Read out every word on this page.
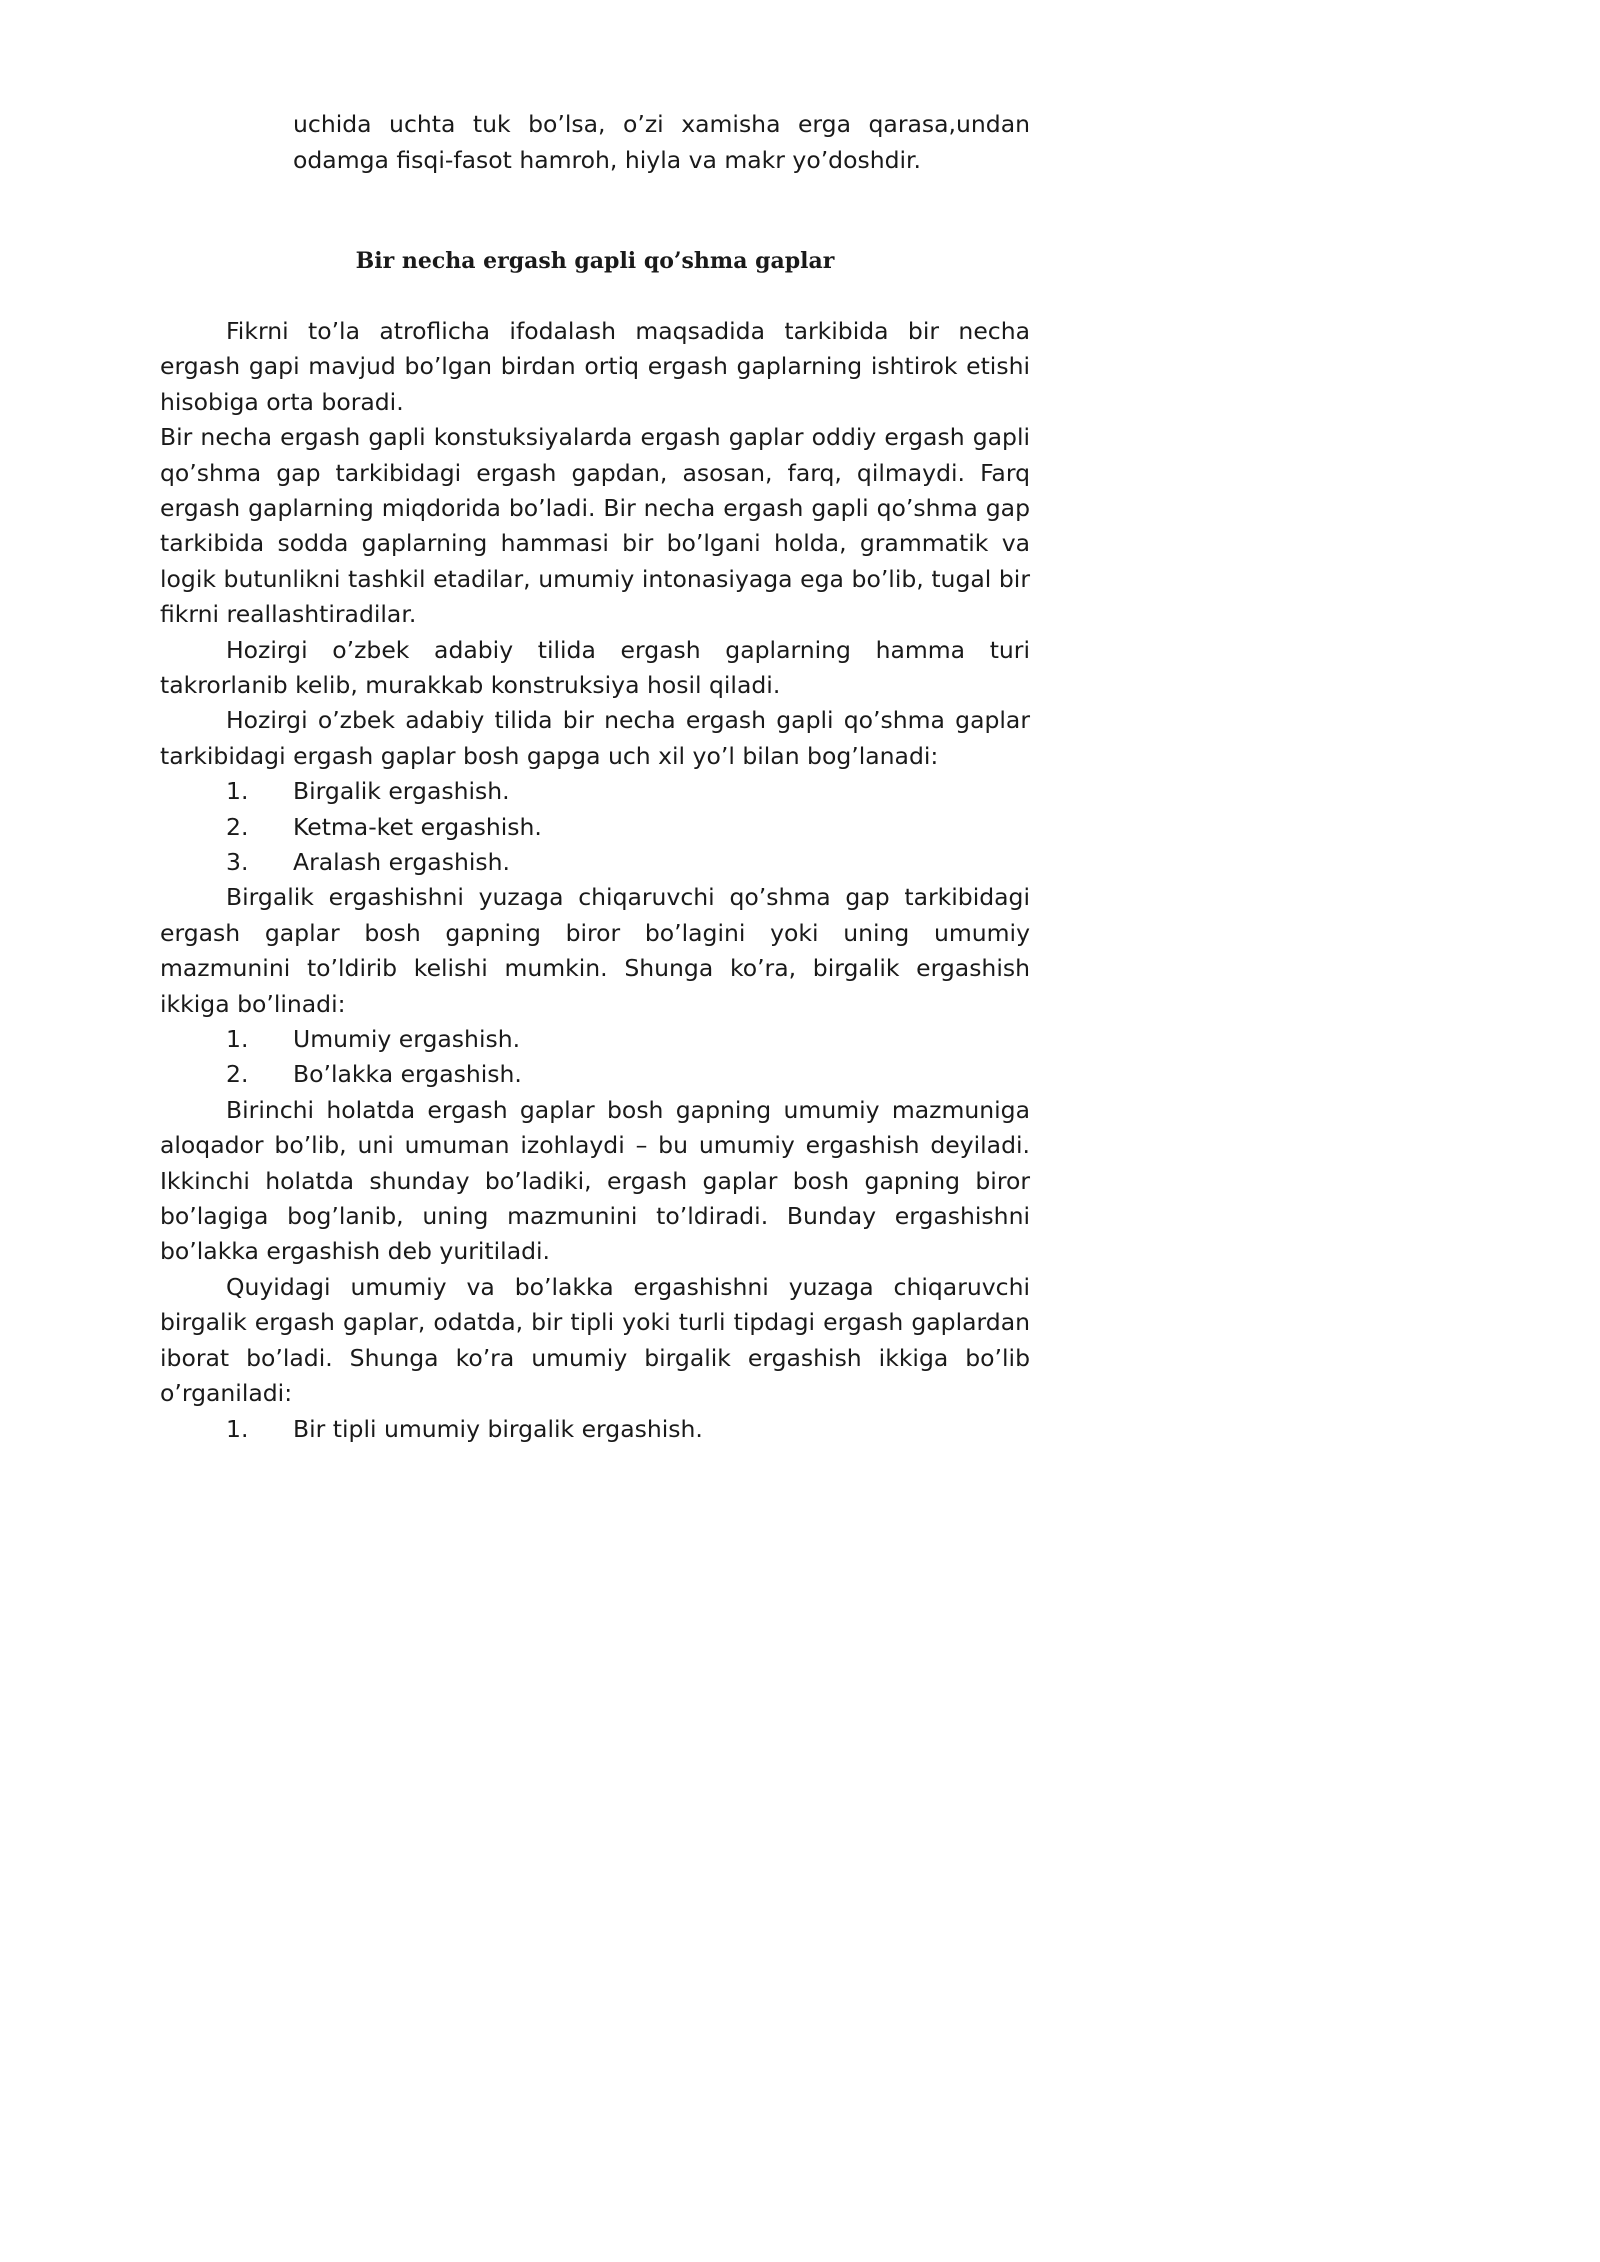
uchida uchta tuk bo’lsa, o’zi xamisha erga qarasa,undan

odamga fisqi-fasot hamroh, hiyla va makr yo’doshdir.

Bir necha ergash gapli qo’shma gaplar

Fikrni to’la atroflicha ifodalash maqsadida tarkibida bir necha ergash gapi mavjud bo’lgan birdan ortiq ergash gaplarning ishtirok etishi hisobiga orta boradi.

Bir necha ergash gapli konstuksiyalarda ergash gaplar oddiy ergash gapli qo’shma gap tarkibidagi ergash gapdan, asosan, farq, qilmaydi. Farq ergash gaplarning miqdorida bo’ladi. Bir necha ergash gapli qo’shma gap tarkibida sodda gaplarning hammasi bir bo’lgani holda, grammatik va logik butunlikni tashkil etadilar, umumiy intonasiyaga ega bo’lib, tugal bir fikrni reallashtiradilar.

Hozirgi o’zbek adabiy tilida ergash gaplarning hamma turi takrorlanib kelib, murakkab konstruksiya hosil qiladi.

Hozirgi o’zbek adabiy tilida bir necha ergash gapli qo’shma gaplar tarkibidagi ergash gaplar bosh gapga uch xil yo’l bilan bog’lanadi:

1. Birgalik ergashish.
2. Ketma-ket ergashish.
3. Aralash ergashish.

Birgalik ergashishni yuzaga chiqaruvchi qo’shma gap tarkibidagi ergash gaplar bosh gapning biror bo’lagini yoki uning umumiy mazmunini to’ldirib kelishi mumkin. Shunga ko’ra, birgalik ergashish ikkiga bo’linadi:

1. Umumiy ergashish.
2. Bo’lakka ergashish.

Birinchi holatda ergash gaplar bosh gapning umumiy mazmuniga aloqador bo’lib, uni umuman izohlaydi – bu umumiy ergashish deyiladi. Ikkinchi holatda shunday bo’ladiki, ergash gaplar bosh gapning biror bo’lagiga bog’lanib, uning mazmunini to’ldiradi. Bunday ergashishni bo’lakka ergashish deb yuritiladi.

Quyidagi umumiy va bo’lakka ergashishni yuzaga chiqaruvchi birgalik ergash gaplar, odatda, bir tipli yoki turli tipdagi ergash gaplardan iborat bo’ladi. Shunga ko’ra umumiy birgalik ergashish ikkiga bo’lib o’rganiladi:

1. Bir tipli umumiy birgalik ergashish.
